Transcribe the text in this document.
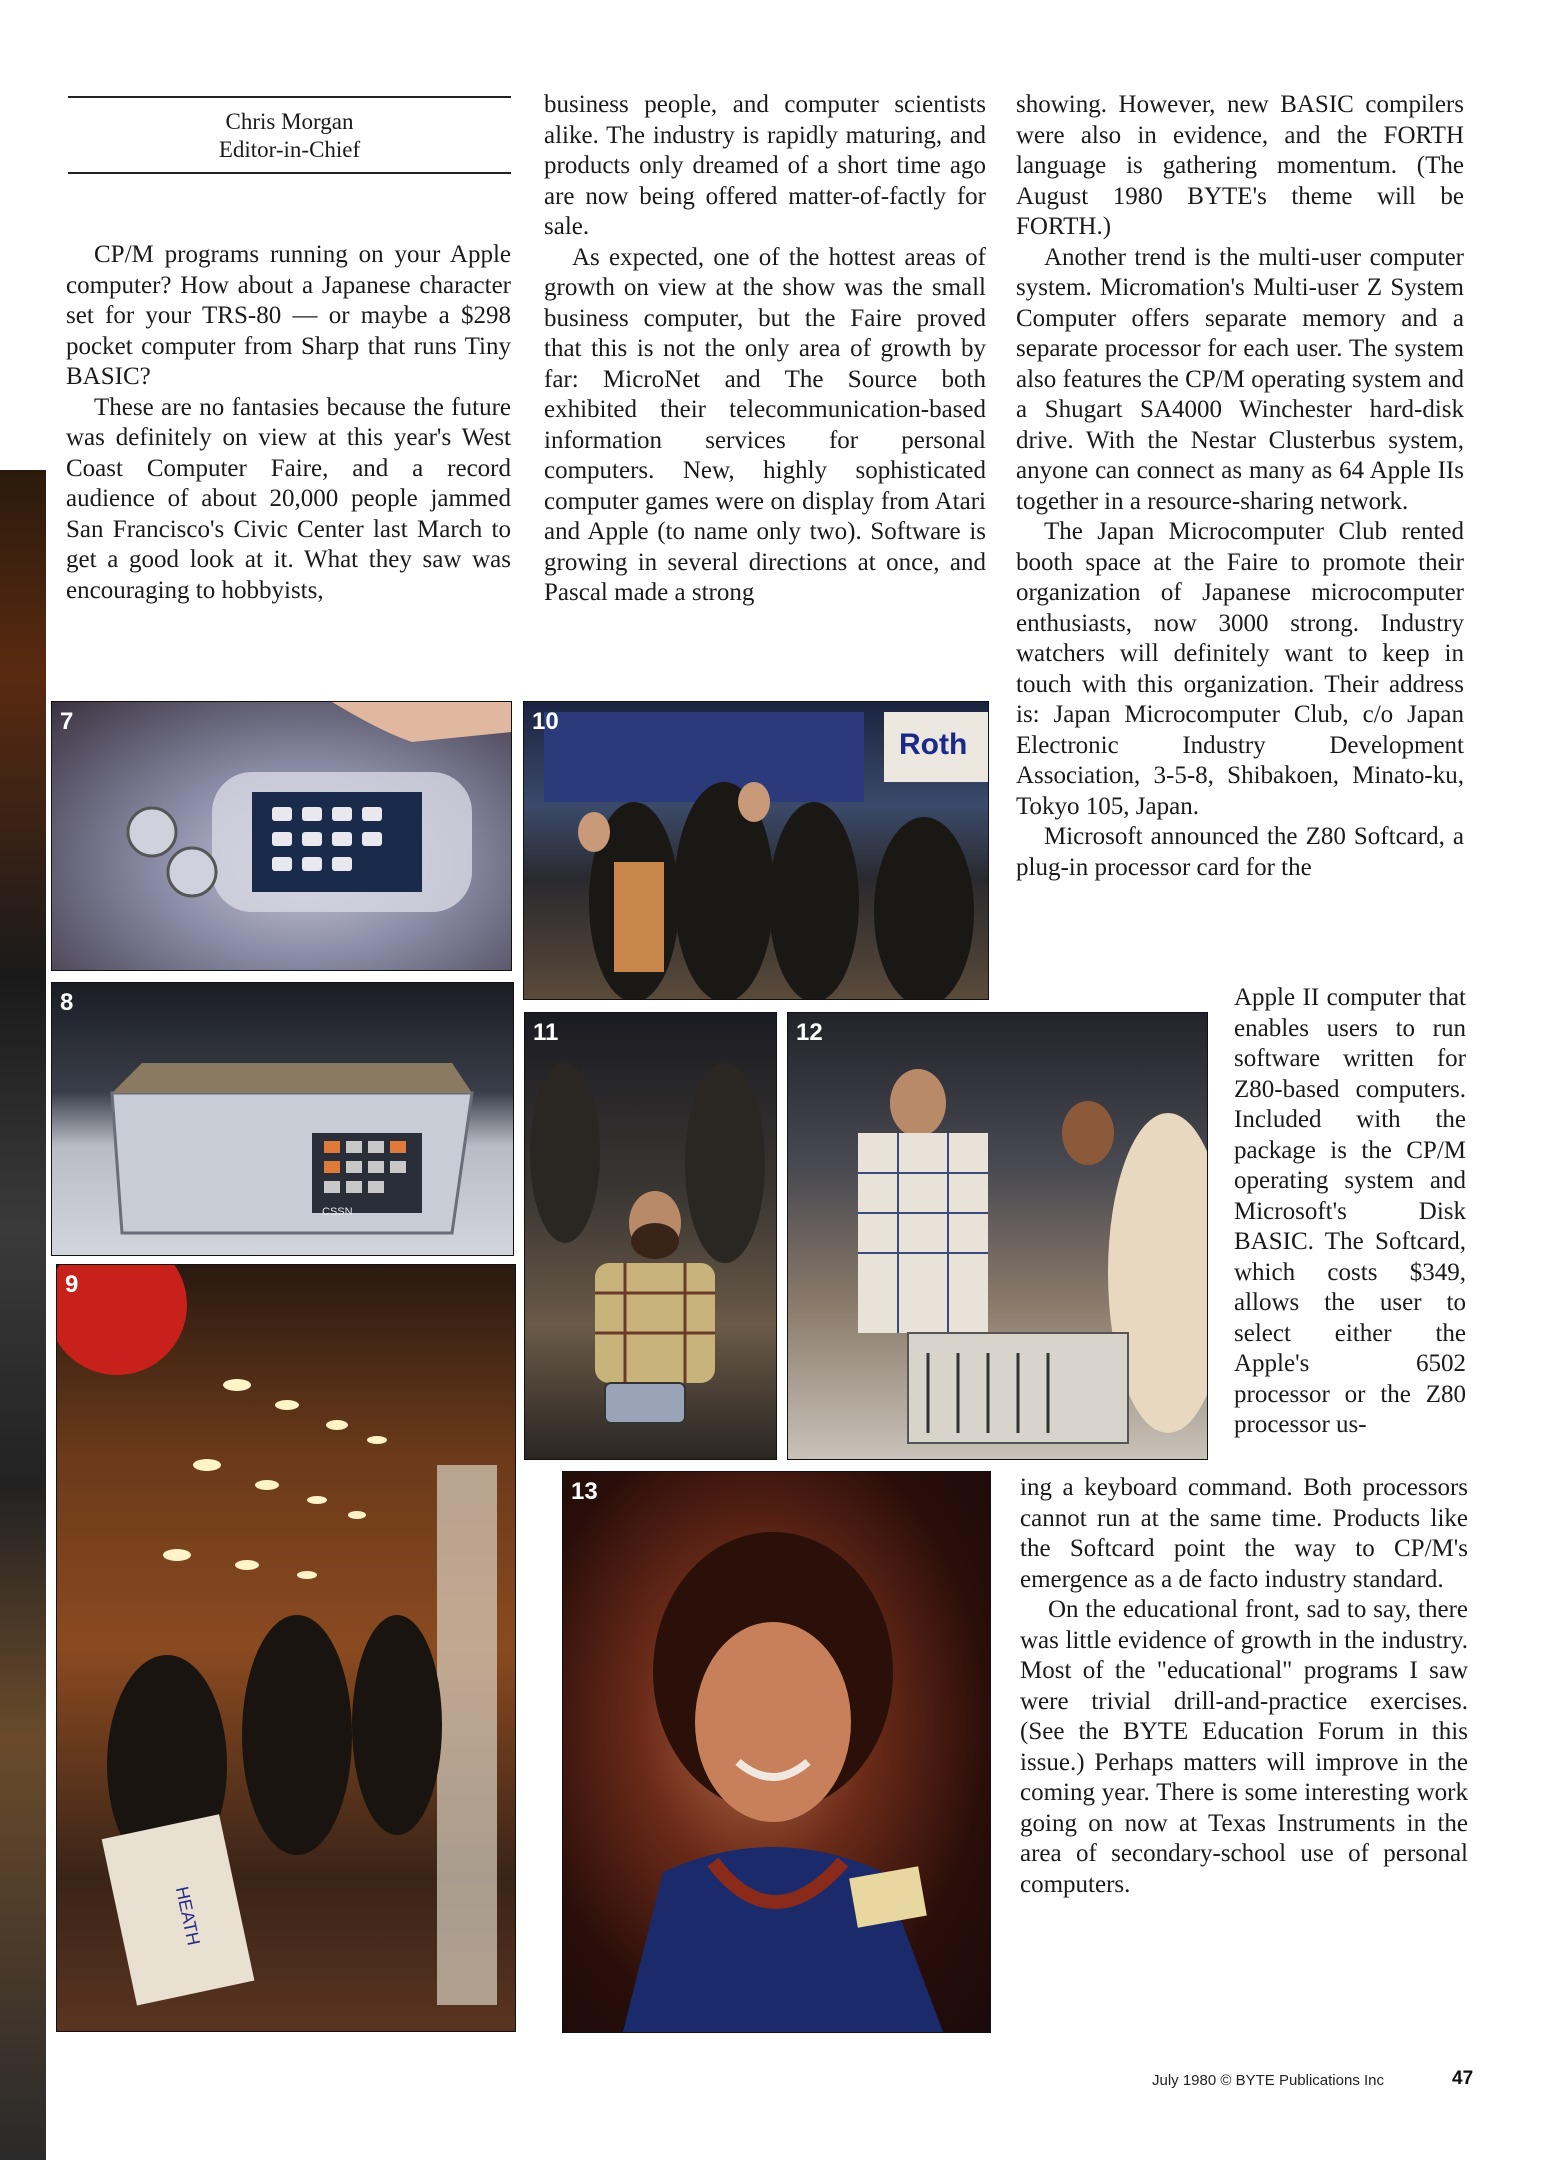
Chris Morgan
Editor-in-Chief

CP/M programs running on your Apple computer? How about a Japanese character set for your TRS-80 — or maybe a $298 pocket computer from Sharp that runs Tiny BASIC?

These are no fantasies because the future was definitely on view at this year's West Coast Computer Faire, and a record audience of about 20,000 people jammed San Francisco's Civic Center last March to get a good look at it. What they saw was encouraging to hobbyists,

business people, and computer scientists alike. The industry is rapidly maturing, and products only dreamed of a short time ago are now being offered matter-of-factly for sale.

As expected, one of the hottest areas of growth on view at the show was the small business computer, but the Faire proved that this is not the only area of growth by far: MicroNet and The Source both exhibited their telecommunication-based information services for personal computers. New, highly sophisticated computer games were on display from Atari and Apple (to name only two). Software is growing in several directions at once, and Pascal made a strong

showing. However, new BASIC compilers were also in evidence, and the FORTH language is gathering momentum. (The August 1980 BYTE's theme will be FORTH.)

Another trend is the multi-user computer system. Micromation's Multi-user Z System Computer offers separate memory and a separate processor for each user. The system also features the CP/M operating system and a Shugart SA4000 Winchester hard-disk drive. With the Nestar Clusterbus system, anyone can connect as many as 64 Apple IIs together in a resource-sharing network.

The Japan Microcomputer Club rented booth space at the Faire to promote their organization of Japanese microcomputer enthusiasts, now 3000 strong. Industry watchers will definitely want to keep in touch with this organization. Their address is: Japan Microcomputer Club, c/o Japan Electronic Industry Development Association, 3-5-8, Shibakoen, Minato-ku, Tokyo 105, Japan.

Microsoft announced the Z80 Softcard, a plug-in processor card for the

Apple II computer that enables users to run software written for Z80-based computers. Included with the package is the CP/M operating system and Microsoft's Disk BASIC. The Softcard, which costs $349, allows the user to select either the Apple's 6502 processor or the Z80 processor us-

ing a keyboard command. Both processors cannot run at the same time. Products like the Softcard point the way to CP/M's emergence as a de facto industry standard.

On the educational front, sad to say, there was little evidence of growth in the industry. Most of the "educational" programs I saw were trivial drill-and-practice exercises. (See the BYTE Education Forum in this issue.) Perhaps matters will improve in the coming year. There is some interesting work going on now at Texas Instruments in the area of secondary-school use of personal computers.

7
CSSN
8
HEATH
9
Roth
10
11	12
13
July 1980 © BYTE Publications Inc	47
